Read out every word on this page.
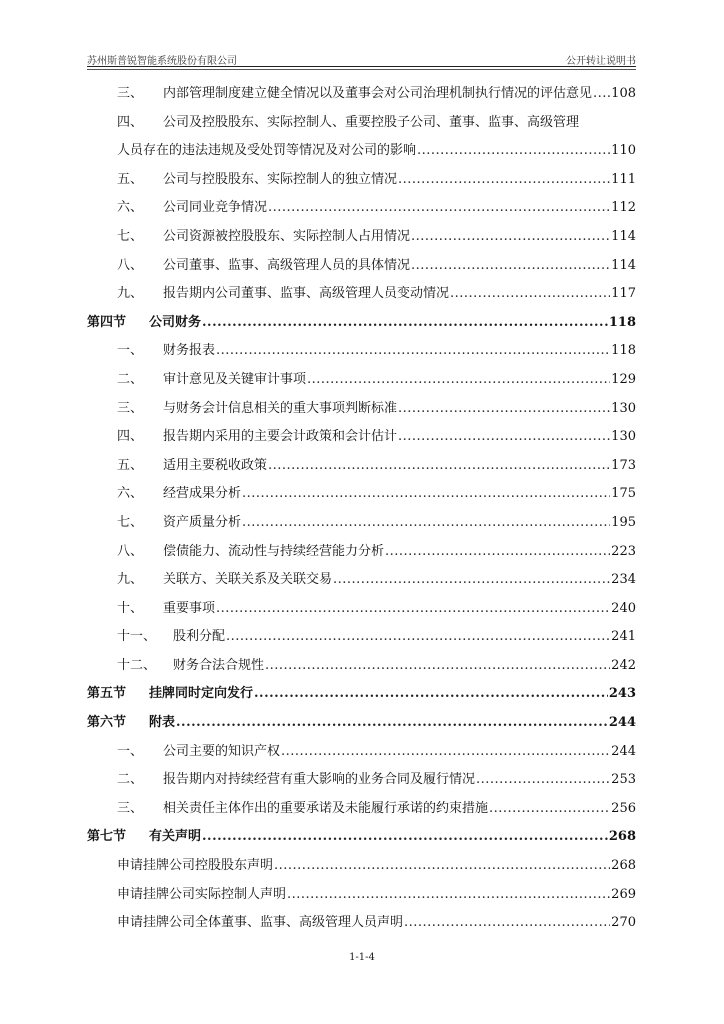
苏州斯普锐智能系统股份有限公司	公开转让说明书
三、	内部管理制度建立健全情况以及董事会对公司治理机制执行情况的评估意见 ..... 108
四、	公司及控股股东、实际控制人、重要控股子公司、董事、监事、高级管理
人员存在的违法违规及受处罚等情况及对公司的影响 .....	110
五、	公司与控股股东、实际控制人的独立情况 .....	111
六、	公司同业竞争情况 .....	112
七、	公司资源被控股股东、实际控制人占用情况 .....	114
八、	公司董事、监事、高级管理人员的具体情况 .....	114
九、	报告期内公司董事、监事、高级管理人员变动情况 .....	117
第四节	公司财务 .....	118
一、	财务报表 .....	118
二、	审计意见及关键审计事项 .....	129
三、	与财务会计信息相关的重大事项判断标准 .....	130
四、	报告期内采用的主要会计政策和会计估计 .....	130
五、	适用主要税收政策 .....	173
六、	经营成果分析 .....	175
七、	资产质量分析 .....	195
八、	偿债能力、流动性与持续经营能力分析 .....	223
九、	关联方、关联关系及关联交易 .....	234
十、	重要事项 .....	240
十一、	股利分配 .....	241
十二、	财务合法合规性 .....	242
第五节	挂牌同时定向发行 .....	243
第六节	附表 .....	244
一、	公司主要的知识产权 .....	244
二、	报告期内对持续经营有重大影响的业务合同及履行情况 .....	253
三、	相关责任主体作出的重要承诺及未能履行承诺的约束措施 .....	256
第七节	有关声明 .....	268
申请挂牌公司控股股东声明 .....	268
申请挂牌公司实际控制人声明 .....	269
申请挂牌公司全体董事、监事、高级管理人员声明 .....	270
1-1-4
